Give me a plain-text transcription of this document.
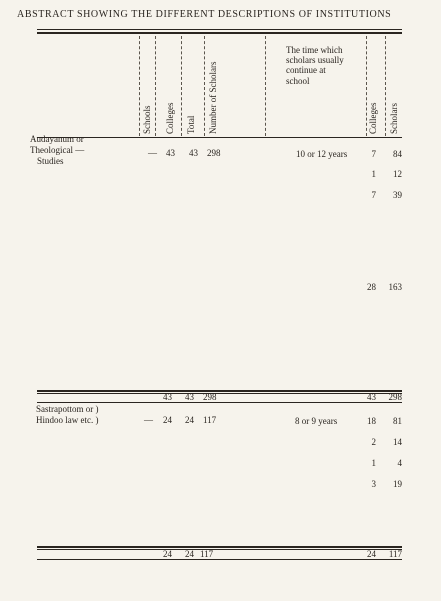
ABSTRACT SHOWING THE DIFFERENT DESCRIPTIONS OF INSTITUTIONS
Schools Colleges Total Number of Scholars	Colleges Scholars
The time which
scholars usually
continue at
school
Audayanum or
Theological —
Studies
— 43 43 298	10 or 12 years	7	84
1	12
7	39
28	163
43 43 298	43	298
Sastrapottom or )
Hindoo law etc. )	— 24 24 117	8 or 9 years	18	81
2	14
1	4
3	19
24 24 117	24	117
